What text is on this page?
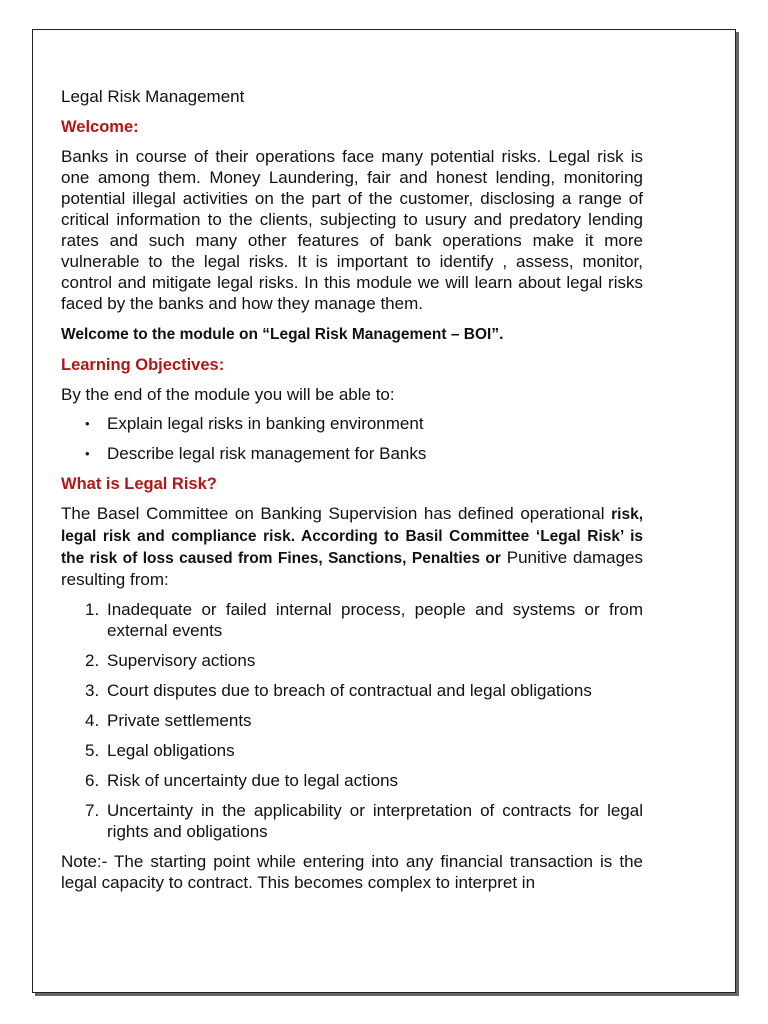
Legal Risk Management
Welcome:
Banks in course of their operations face many potential risks. Legal risk is one among them. Money Laundering, fair and honest lending, monitoring potential illegal activities on the part of the customer, disclosing a range of critical information to the clients, subjecting to usury and predatory lending rates and such many other features of bank operations make it more vulnerable to the legal risks. It is important to identify , assess, monitor, control and mitigate legal risks. In this module we will learn about legal risks faced by the banks and how they manage them.
Welcome to the module on “Legal Risk Management – BOI”.
Learning Objectives:
By the end of the module you will be able to:
• Explain legal risks in banking environment
• Describe legal risk management for Banks
What is Legal Risk?
The Basel Committee on Banking Supervision has defined operational risk, legal risk and compliance risk. According to Basil Committee ‘Legal Risk’ is the risk of loss caused from Fines, Sanctions, Penalties or Punitive damages resulting from:
1. Inadequate or failed internal process, people and systems or from external events
2. Supervisory actions
3. Court disputes due to breach of contractual and legal obligations
4. Private settlements
5. Legal obligations
6. Risk of uncertainty due to legal actions
7. Uncertainty in the applicability or interpretation of contracts for legal rights and obligations
Note:- The starting point while entering into any financial transaction is the legal capacity to contract. This becomes complex to interpret in
